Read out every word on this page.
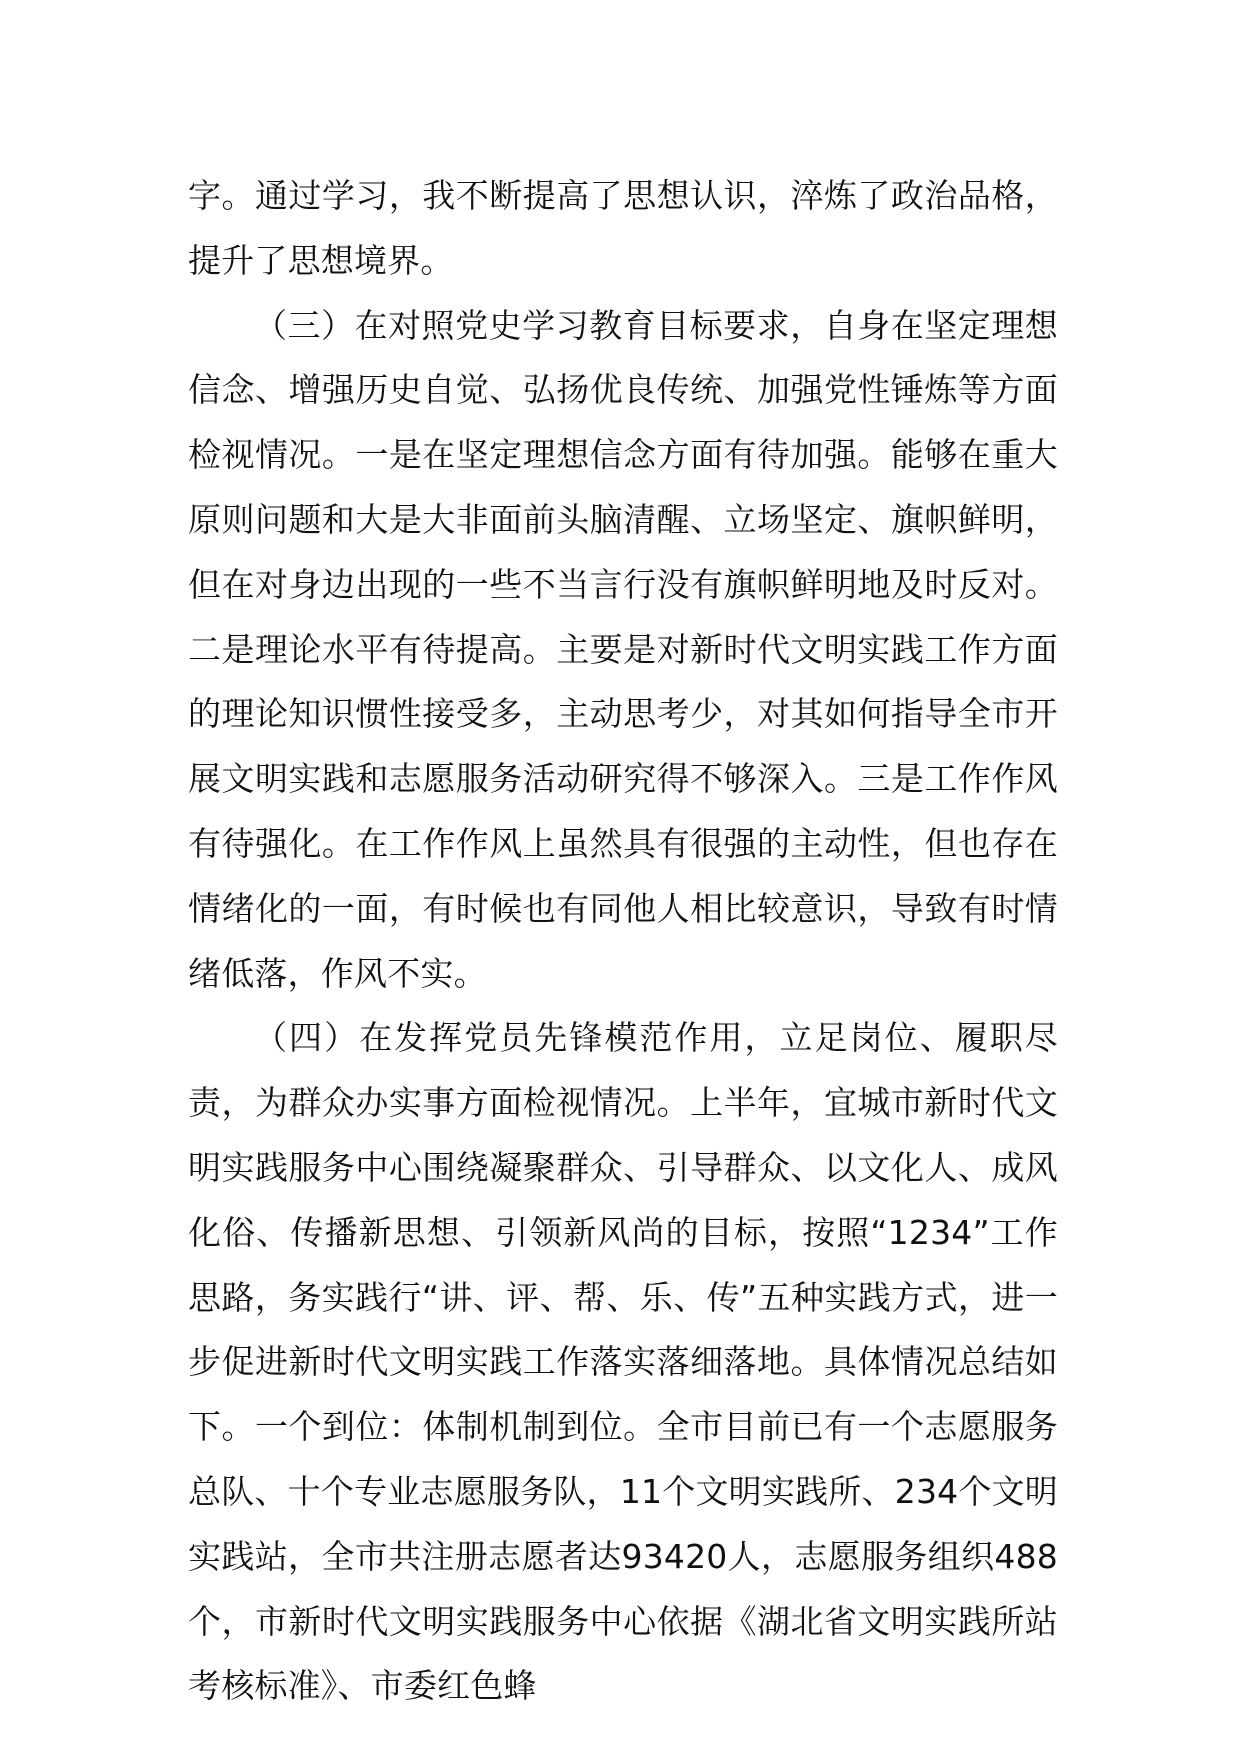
字。通过学习，我不断提高了思想认识，淬炼了政治品格，提升了思想境界。

（三）在对照党史学习教育目标要求，自身在坚定理想信念、增强历史自觉、弘扬优良传统、加强党性锤炼等方面检视情况。一是在坚定理想信念方面有待加强。能够在重大原则问题和大是大非面前头脑清醒、立场坚定、旗帜鲜明，但在对身边出现的一些不当言行没有旗帜鲜明地及时反对。二是理论水平有待提高。主要是对新时代文明实践工作方面的理论知识惯性接受多，主动思考少，对其如何指导全市开展文明实践和志愿服务活动研究得不够深入。三是工作作风有待强化。在工作作风上虽然具有很强的主动性，但也存在情绪化的一面，有时候也有同他人相比较意识，导致有时情绪低落，作风不实。

（四）在发挥党员先锋模范作用，立足岗位、履职尽责，为群众办实事方面检视情况。上半年，宜城市新时代文明实践服务中心围绕凝聚群众、引导群众、以文化人、成风化俗、传播新思想、引领新风尚的目标，按照“1234”工作思路，务实践行“讲、评、帮、乐、传”五种实践方式，进一步促进新时代文明实践工作落实落细落地。具体情况总结如下。一个到位：体制机制到位。全市目前已有一个志愿服务总队、十个专业志愿服务队，11个文明实践所、234个文明实践站，全市共注册志愿者达93420人，志愿服务组织488个，市新时代文明实践服务中心依据《湖北省文明实践所站考核标准》、市委红色蜂
